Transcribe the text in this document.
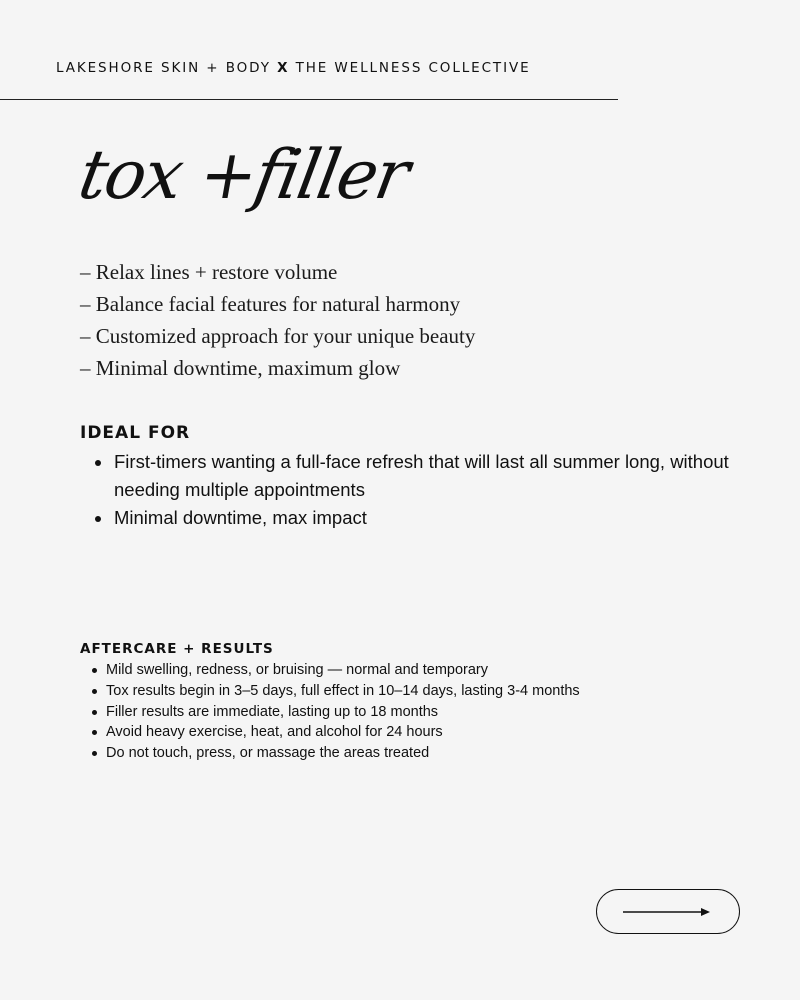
LAKESHORE SKIN + BODY X THE WELLNESS COLLECTIVE
tox +filler
– Relax lines + restore volume
– Balance facial features for natural harmony
– Customized approach for your unique beauty
– Minimal downtime, maximum glow
IDEAL FOR
First-timers wanting a full-face refresh that will last all summer long, without needing multiple appointments
Minimal downtime, max impact
AFTERCARE + RESULTS
Mild swelling, redness, or bruising — normal and temporary
Tox results begin in 3–5 days, full effect in 10–14 days, lasting 3-4 months
Filler results are immediate, lasting up to 18 months
Avoid heavy exercise, heat, and alcohol for 24 hours
Do not touch, press, or massage the areas treated
